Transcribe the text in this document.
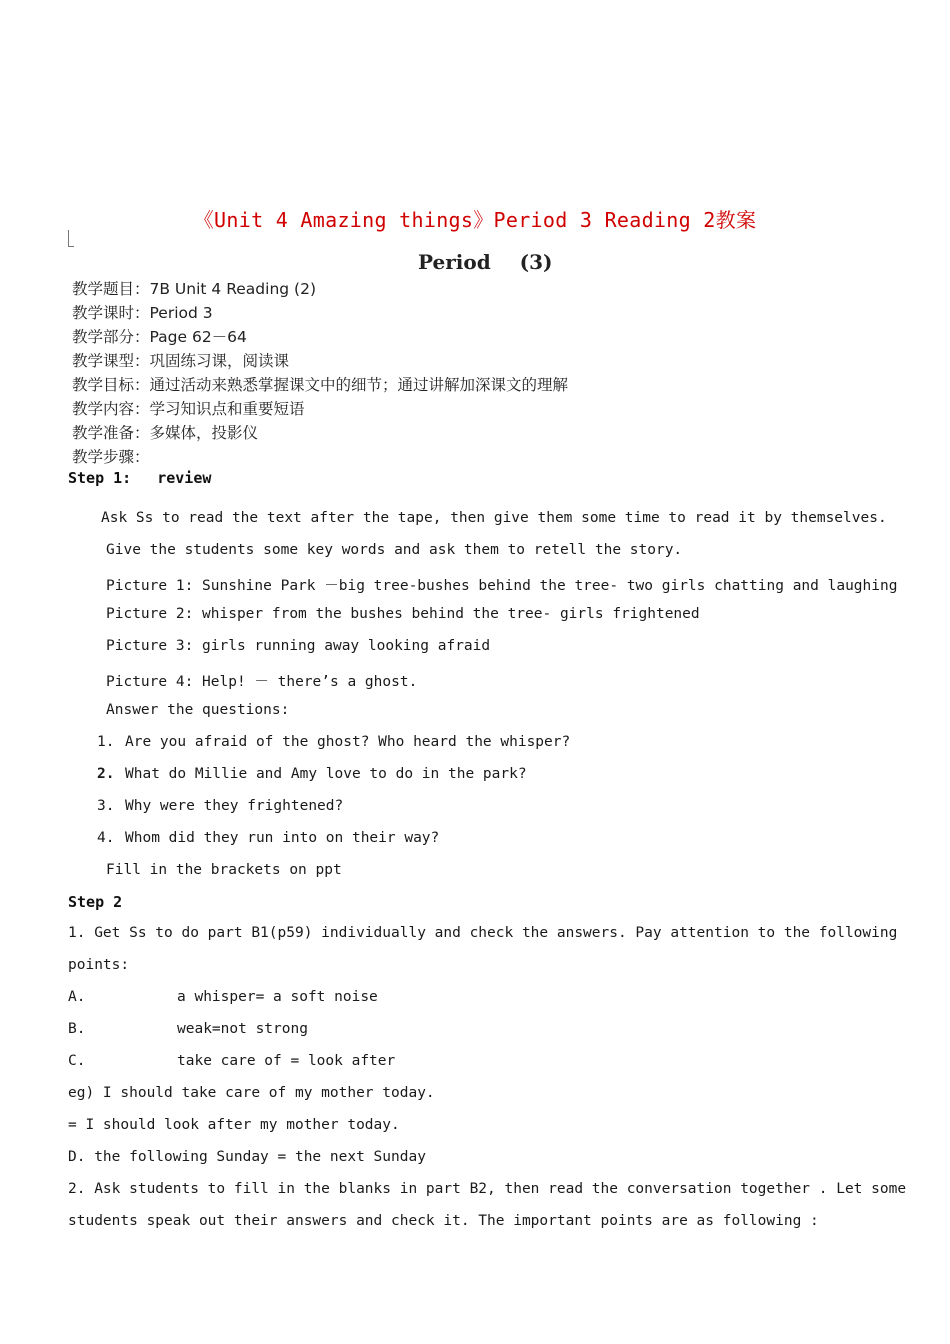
《Unit 4 Amazing things》Period 3 Reading 2教案
Period (3)
教学题目：7B Unit 4 Reading (2)
教学课时：Period 3
教学部分：Page 62－64
教学课型：巩固练习课，阅读课
教学目标：通过活动来熟悉掌握课文中的细节；通过讲解加深课文的理解
教学内容：学习知识点和重要短语
教学准备：多媒体，投影仪
教学步骤：
Step 1: review
Ask Ss to read the text after the tape, then give them some time to read it by themselves.
Give the students some key words and ask them to retell the story.
Picture 1: Sunshine Park －big tree-bushes behind the tree- two girls chatting and laughing
Picture 2: whisper from the bushes behind the tree- girls frightened
Picture 3: girls running away looking afraid
Picture 4: Help! － there’s a ghost.
Answer the questions:
1. Are you afraid of the ghost? Who heard the whisper?
2. What do Millie and Amy love to do in the park?
3. Why were they frightened?
4. Whom did they run into on their way?
Fill in the brackets on ppt
Step 2
1. Get Ss to do part B1(p59) individually and check the answers. Pay attention to the following
points:
A.	a whisper= a soft noise
B.	weak=not strong
C.	take care of = look after
eg) I should take care of my mother today.
= I should look after my mother today.
D. the following Sunday = the next Sunday
2. Ask students to fill in the blanks in part B2, then read the conversation together . Let some
students speak out their answers and check it. The important points are as following :
